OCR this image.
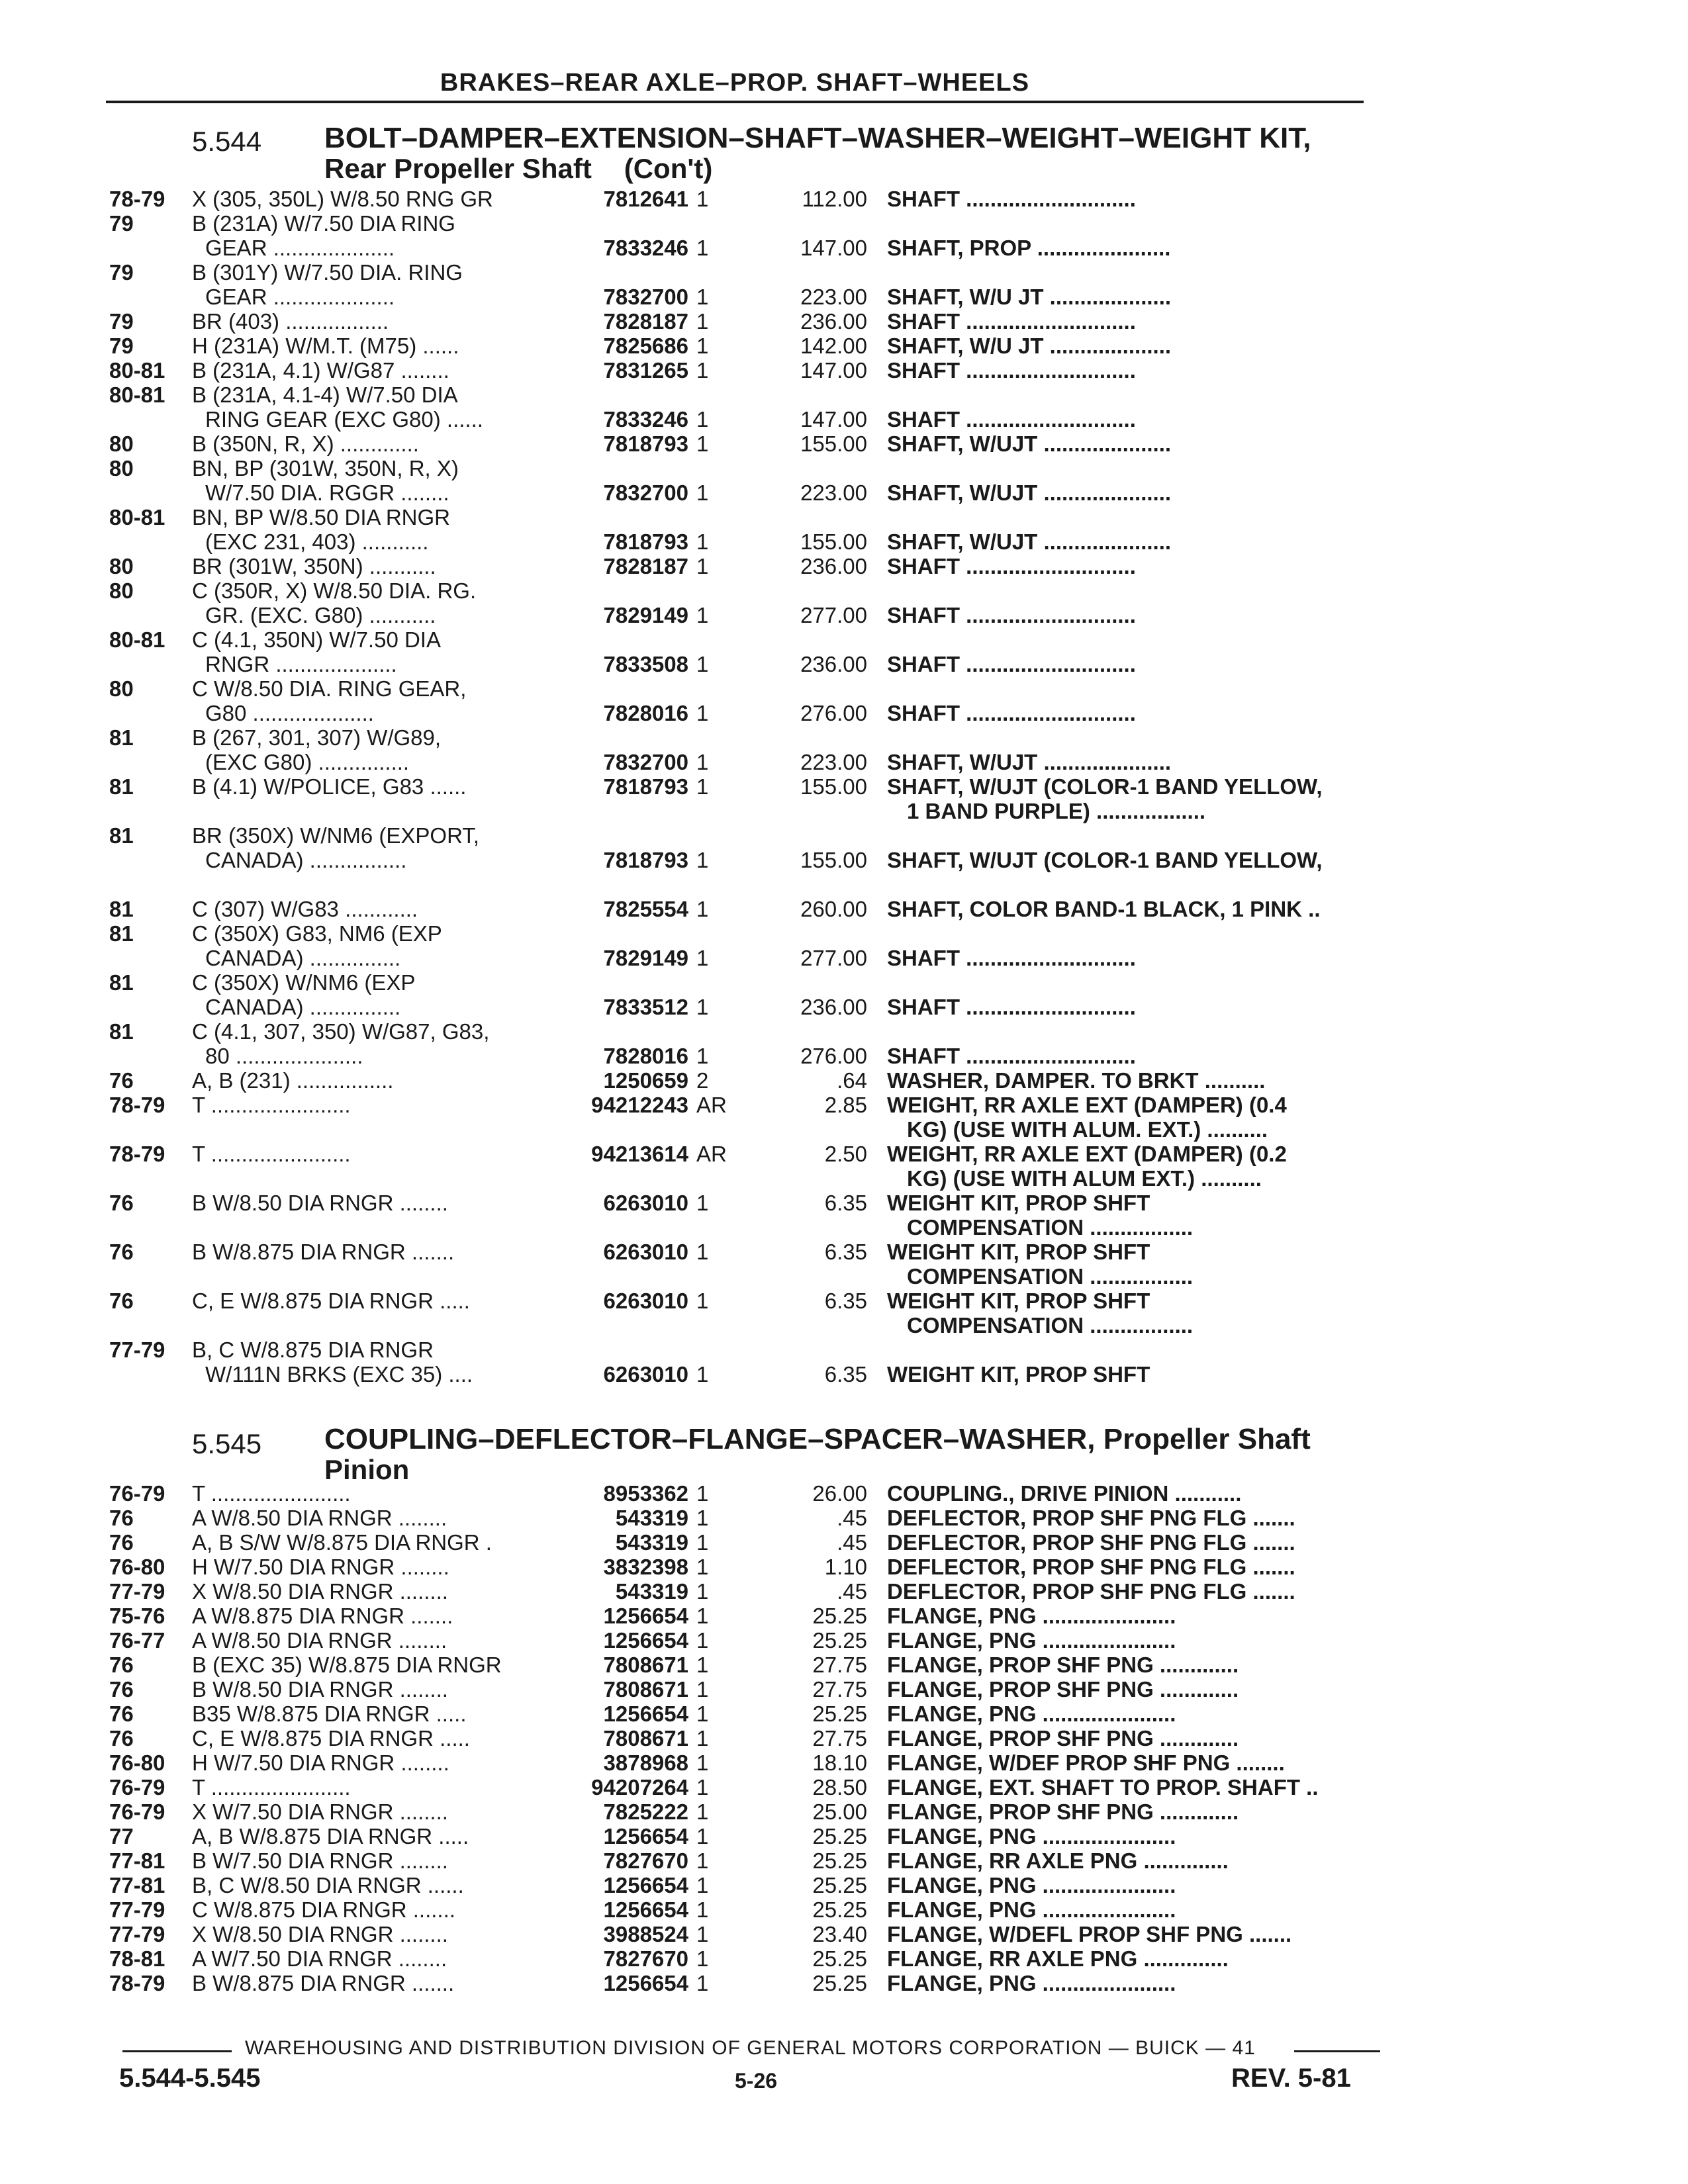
BRAKES–REAR AXLE–PROP. SHAFT–WHEELS
5.544 BOLT–DAMPER–EXTENSION–SHAFT–WASHER–WEIGHT–WEIGHT KIT,
Rear Propeller Shaft (Con't)
78-79	X (305, 350L) W/8.50 RNG GR	7812641 1	112.00 SHAFT ............................
79	B (231A) W/7.50 DIA RING
GEAR ....................	7833246 1	147.00 SHAFT, PROP ......................
79	B (301Y) W/7.50 DIA. RING
GEAR ....................	7832700 1	223.00 SHAFT, W/U JT ....................
79	BR (403) .................	7828187 1	236.00 SHAFT ............................
79	H (231A) W/M.T. (M75) ......	7825686 1	142.00 SHAFT, W/U JT ....................
80-81	B (231A, 4.1) W/G87 ........	7831265 1	147.00 SHAFT ............................
80-81	B (231A, 4.1-4) W/7.50 DIA
RING GEAR (EXC G80) ......	7833246 1	147.00 SHAFT ............................
80	B (350N, R, X) .............	7818793 1	155.00 SHAFT, W/UJT .....................
80	BN, BP (301W, 350N, R, X)
W/7.50 DIA. RGGR ........	7832700 1	223.00 SHAFT, W/UJT .....................
80-81	BN, BP W/8.50 DIA RNGR
(EXC 231, 403) ...........	7818793 1	155.00 SHAFT, W/UJT .....................
80	BR (301W, 350N) ...........	7828187 1	236.00 SHAFT ............................
80	C (350R, X) W/8.50 DIA. RG.
GR. (EXC. G80) ...........	7829149 1	277.00 SHAFT ............................
80-81	C (4.1, 350N) W/7.50 DIA
RNGR ....................	7833508 1	236.00 SHAFT ............................
80	C W/8.50 DIA. RING GEAR,
G80 ....................	7828016 1	276.00 SHAFT ............................
81	B (267, 301, 307) W/G89,
(EXC G80) ...............	7832700 1	223.00 SHAFT, W/UJT .....................
81	B (4.1) W/POLICE, G83 ......	7818793 1	155.00 SHAFT, W/UJT (COLOR-1 BAND YELLOW,
1 BAND PURPLE) ..................
81	BR (350X) W/NM6 (EXPORT,
CANADA) ................	7818793 1	155.00 SHAFT, W/UJT (COLOR-1 BAND YELLOW,
81	C (307) W/G83 ............	7825554 1	260.00 SHAFT, COLOR BAND-1 BLACK, 1 PINK ..
81	C (350X) G83, NM6 (EXP
CANADA) ...............	7829149 1	277.00 SHAFT ............................
81	C (350X) W/NM6 (EXP
CANADA) ...............	7833512 1	236.00 SHAFT ............................
81	C (4.1, 307, 350) W/G87, G83,
80 .....................	7828016 1	276.00 SHAFT ............................
76	A, B (231) ................	1250659 2	.64 WASHER, DAMPER. TO BRKT ..........
78-79	T .......................	94212243 AR	2.85 WEIGHT, RR AXLE EXT (DAMPER) (0.4
KG) (USE WITH ALUM. EXT.) ..........
78-79	T .......................	94213614 AR	2.50 WEIGHT, RR AXLE EXT (DAMPER) (0.2
KG) (USE WITH ALUM EXT.) ..........
76	B W/8.50 DIA RNGR ........	6263010 1	6.35 WEIGHT KIT, PROP SHFT
COMPENSATION .................
76	B W/8.875 DIA RNGR .......	6263010 1	6.35 WEIGHT KIT, PROP SHFT
COMPENSATION .................
76	C, E W/8.875 DIA RNGR .....	6263010 1	6.35 WEIGHT KIT, PROP SHFT
COMPENSATION .................
77-79	B, C W/8.875 DIA RNGR
W/111N BRKS (EXC 35) ....	6263010 1	6.35 WEIGHT KIT, PROP SHFT
5.545 COUPLING–DEFLECTOR–FLANGE–SPACER–WASHER, Propeller Shaft
Pinion
76-79	T .......................	8953362 1	26.00 COUPLING., DRIVE PINION ...........
76	A W/8.50 DIA RNGR ........	543319 1	.45 DEFLECTOR, PROP SHF PNG FLG .......
76	A, B S/W W/8.875 DIA RNGR .	543319 1	.45 DEFLECTOR, PROP SHF PNG FLG .......
76-80	H W/7.50 DIA RNGR ........	3832398 1	1.10 DEFLECTOR, PROP SHF PNG FLG .......
77-79	X W/8.50 DIA RNGR ........	543319 1	.45 DEFLECTOR, PROP SHF PNG FLG .......
75-76	A W/8.875 DIA RNGR .......	1256654 1	25.25 FLANGE, PNG ......................
76-77	A W/8.50 DIA RNGR ........	1256654 1	25.25 FLANGE, PNG ......................
76	B (EXC 35) W/8.875 DIA RNGR	7808671 1	27.75 FLANGE, PROP SHF PNG .............
76	B W/8.50 DIA RNGR ........	7808671 1	27.75 FLANGE, PROP SHF PNG .............
76	B35 W/8.875 DIA RNGR .....	1256654 1	25.25 FLANGE, PNG ......................
76	C, E W/8.875 DIA RNGR .....	7808671 1	27.75 FLANGE, PROP SHF PNG .............
76-80	H W/7.50 DIA RNGR ........	3878968 1	18.10 FLANGE, W/DEF PROP SHF PNG ........
76-79	T .......................	94207264 1	28.50 FLANGE, EXT. SHAFT TO PROP. SHAFT ..
76-79	X W/7.50 DIA RNGR ........	7825222 1	25.00 FLANGE, PROP SHF PNG .............
77	A, B W/8.875 DIA RNGR .....	1256654 1	25.25 FLANGE, PNG ......................
77-81	B W/7.50 DIA RNGR ........	7827670 1	25.25 FLANGE, RR AXLE PNG ..............
77-81	B, C W/8.50 DIA RNGR ......	1256654 1	25.25 FLANGE, PNG ......................
77-79	C W/8.875 DIA RNGR .......	1256654 1	25.25 FLANGE, PNG ......................
77-79	X W/8.50 DIA RNGR ........	3988524 1	23.40 FLANGE, W/DEFL PROP SHF PNG .......
78-81	A W/7.50 DIA RNGR ........	7827670 1	25.25 FLANGE, RR AXLE PNG ..............
78-79	B W/8.875 DIA RNGR .......	1256654 1	25.25 FLANGE, PNG ......................
WAREHOUSING AND DISTRIBUTION DIVISION OF GENERAL MOTORS CORPORATION — BUICK — 41
5.544-5.545	5-26	REV. 5-81
